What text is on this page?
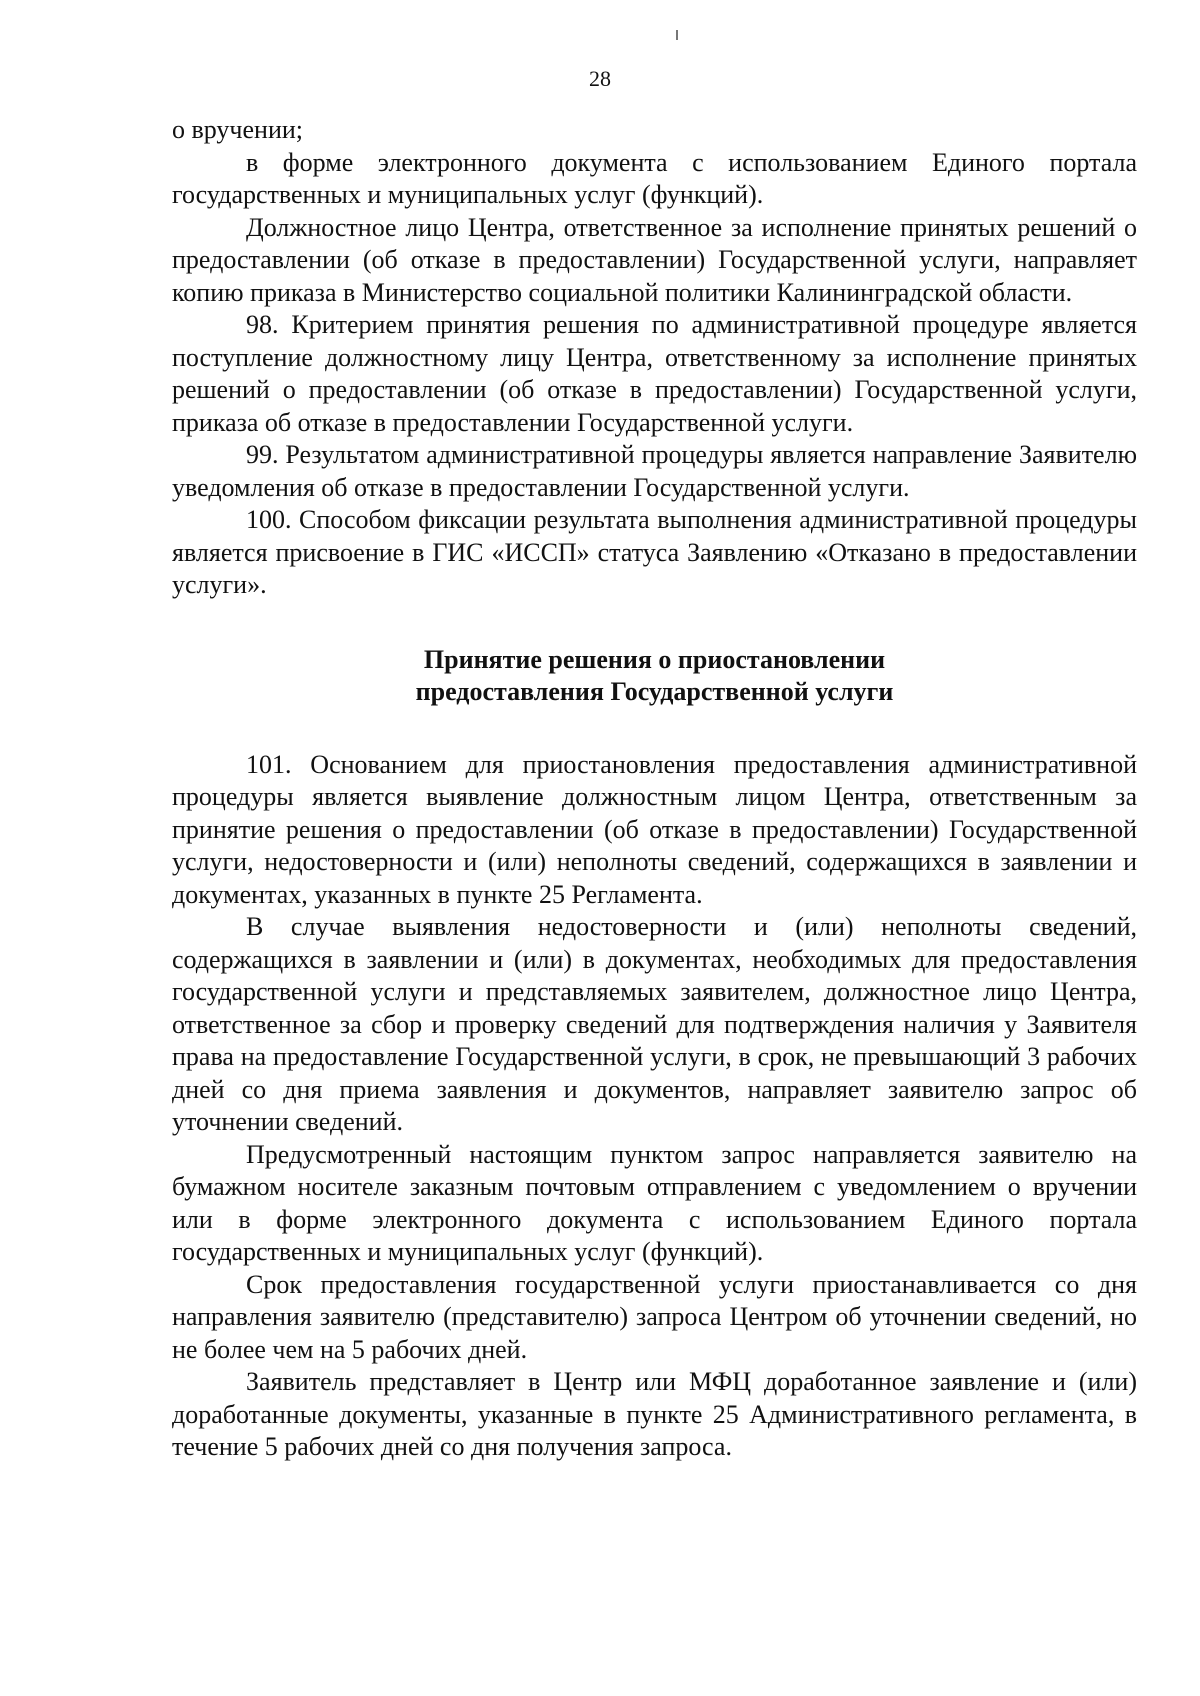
28

о вручении;

в форме электронного документа с использованием Единого портала государственных и муниципальных услуг (функций).

Должностное лицо Центра, ответственное за исполнение принятых решений о предоставлении (об отказе в предоставлении) Государственной услуги, направляет копию приказа в Министерство социальной политики Калининградской области.

98. Критерием принятия решения по административной процедуре является поступление должностному лицу Центра, ответственному за исполнение принятых решений о предоставлении (об отказе в предоставлении) Государственной услуги, приказа об отказе в предоставлении Государственной услуги.

99. Результатом административной процедуры является направление Заявителю уведомления об отказе в предоставлении Государственной услуги.

100. Способом фиксации результата выполнения административной процедуры является присвоение в ГИС «ИССП» статуса Заявлению «Отказано в предоставлении услуги».

Принятие решения о приостановлении
предоставления Государственной услуги

101. Основанием для приостановления предоставления административной процедуры является выявление должностным лицом Центра, ответственным за принятие решения о предоставлении (об отказе в предоставлении) Государственной услуги, недостоверности и (или) неполноты сведений, содержащихся в заявлении и документах, указанных в пункте 25 Регламента.

В случае выявления недостоверности и (или) неполноты сведений, содержащихся в заявлении и (или) в документах, необходимых для предоставления государственной услуги и представляемых заявителем, должностное лицо Центра, ответственное за сбор и проверку сведений для подтверждения наличия у Заявителя права на предоставление Государственной услуги, в срок, не превышающий 3 рабочих дней со дня приема заявления и документов, направляет заявителю запрос об уточнении сведений.

Предусмотренный настоящим пунктом запрос направляется заявителю на бумажном носителе заказным почтовым отправлением с уведомлением о вручении или в форме электронного документа с использованием Единого портала государственных и муниципальных услуг (функций).

Срок предоставления государственной услуги приостанавливается со дня направления заявителю (представителю) запроса Центром об уточнении сведений, но не более чем на 5 рабочих дней.

Заявитель представляет в Центр или МФЦ доработанное заявление и (или) доработанные документы, указанные в пункте 25 Административного регламента, в течение 5 рабочих дней со дня получения запроса.
